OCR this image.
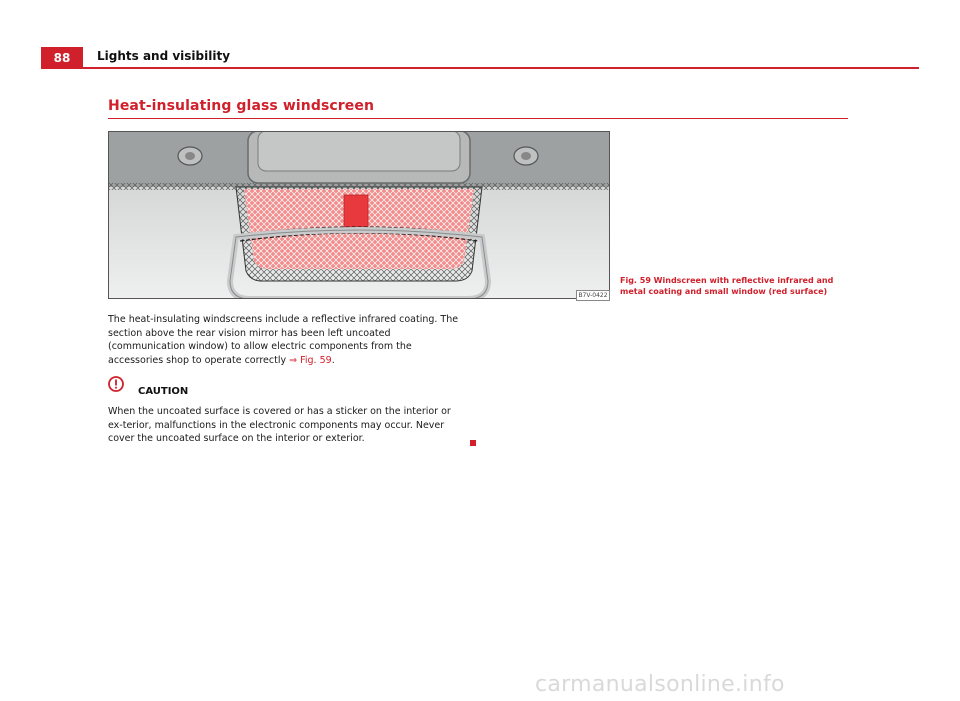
88	Lights and visibility
Heat-insulating glass windscreen
B7V-0422
Fig. 59 Windscreen with reflective infrared and metal coating and small window (red surface)
The heat-insulating windscreens include a reflective infrared coating. The section above the rear vision mirror has been left uncoated (communication window) to allow electric components from the accessories shop to operate correctly ⇒ Fig. 59.
CAUTION
When the uncoated surface is covered or has a sticker on the interior or ex-terior, malfunctions in the electronic components may occur. Never cover the uncoated surface on the interior or exterior.
carmanualsonline.info
